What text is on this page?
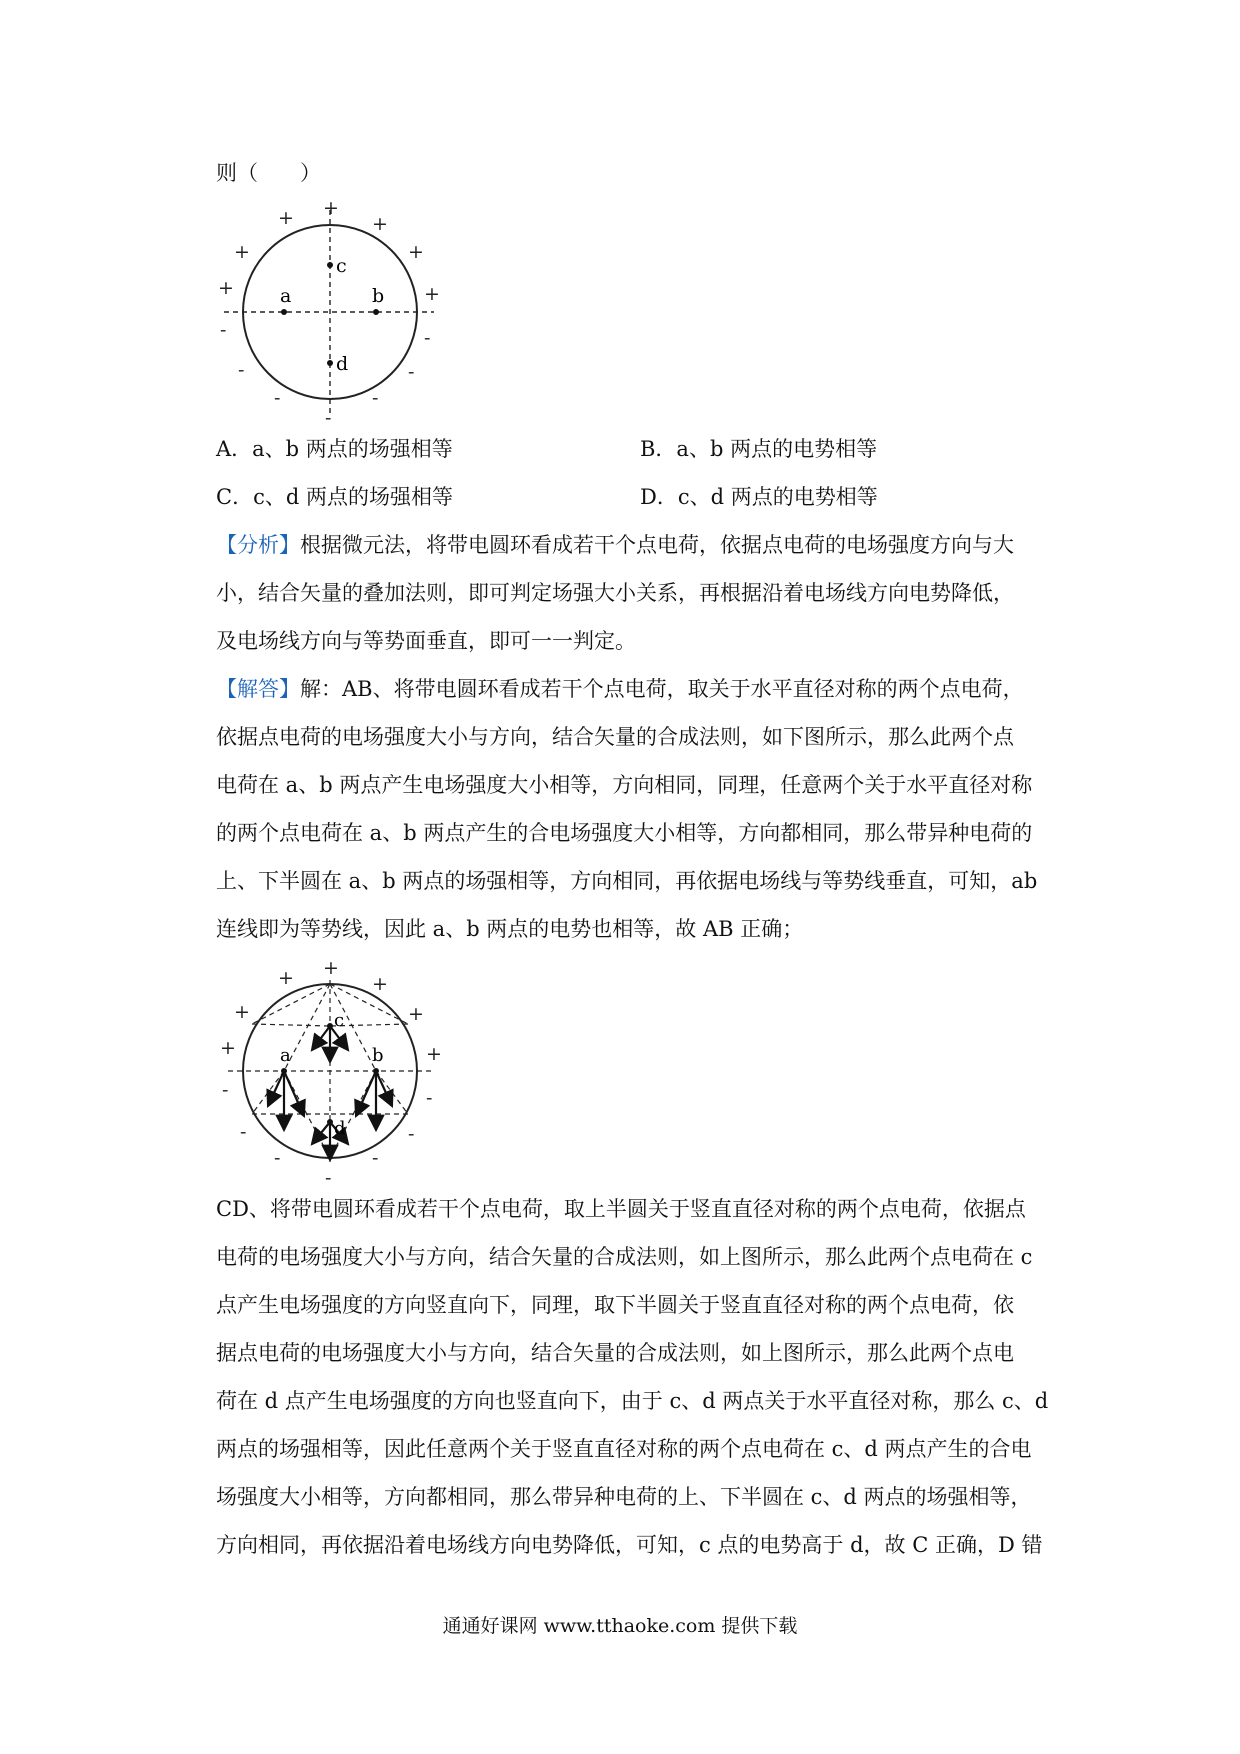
则（　　）
a	b
c
d
+
+	+
+	+
+	+
-	-
-	-
-	-
-
A．a、b 两点的场强相等	B．a、b 两点的电势相等
C．c、d 两点的场强相等	D．c、d 两点的电势相等
【分析】根据微元法，将带电圆环看成若干个点电荷，依据点电荷的电场强度方向与大
小，结合矢量的叠加法则，即可判定场强大小关系，再根据沿着电场线方向电势降低，
及电场线方向与等势面垂直，即可一一判定。
【解答】解：AB、将带电圆环看成若干个点电荷，取关于水平直径对称的两个点电荷，
依据点电荷的电场强度大小与方向，结合矢量的合成法则，如下图所示，那么此两个点
电荷在 a、b 两点产生电场强度大小相等，方向相同，同理，任意两个关于水平直径对称
的两个点电荷在 a、b 两点产生的合电场强度大小相等，方向都相同，那么带异种电荷的
上、下半圆在 a、b 两点的场强相等，方向相同，再依据电场线与等势线垂直，可知，ab
连线即为等势线，因此 a、b 两点的电势也相等，故 AB 正确；
a	b
c
d
+
+	+
+	+
+	+
-	-
-	-
-	-
-
CD、将带电圆环看成若干个点电荷，取上半圆关于竖直直径对称的两个点电荷，依据点
电荷的电场强度大小与方向，结合矢量的合成法则，如上图所示，那么此两个点电荷在 c
点产生电场强度的方向竖直向下，同理，取下半圆关于竖直直径对称的两个点电荷，依
据点电荷的电场强度大小与方向，结合矢量的合成法则，如上图所示，那么此两个点电
荷在 d 点产生电场强度的方向也竖直向下，由于 c、d 两点关于水平直径对称，那么 c、d
两点的场强相等，因此任意两个关于竖直直径对称的两个点电荷在 c、d 两点产生的合电
场强度大小相等，方向都相同，那么带异种电荷的上、下半圆在 c、d 两点的场强相等，
方向相同，再依据沿着电场线方向电势降低，可知，c 点的电势高于 d，故 C 正确，D 错
通通好课网 www.tthaoke.com 提供下载
